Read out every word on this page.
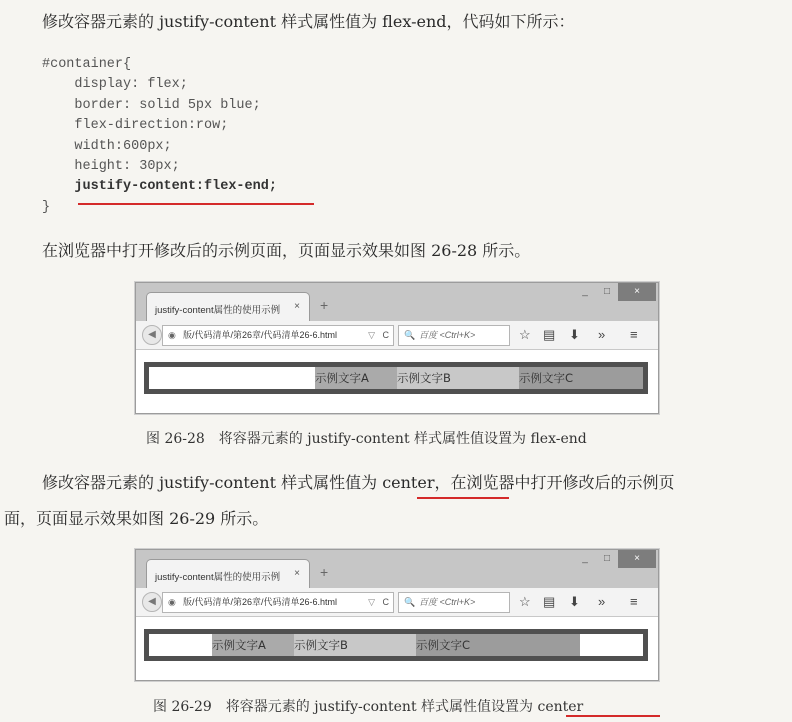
修改容器元素的 justify-content 样式属性值为 flex-end，代码如下所示：
#container{
display: flex;
border: solid 5px blue;
flex-direction:row;
width:600px;
height: 30px;
justify-content:flex-end;
}
在浏览器中打开修改后的示例页面，页面显示效果如图 26-28 所示。
justify-content属性的使用示例 × +
_	□	×
◀	◉ 版/代码清单/第26章/代码清单26-6.html	▽ C 🔍 百度 <Ctrl+K>	☆ ▤ ⬇ » ≡
示例文字A	示例文字B	示例文字C
图 26-28　将容器元素的 justify-content 样式属性值设置为 flex-end
修改容器元素的 justify-content 样式属性值为 center，在浏览器中打开修改后的示例页
面，页面显示效果如图 26-29 所示。
justify-content属性的使用示例 × +
_	□	×
◀	◉ 版/代码清单/第26章/代码清单26-6.html	▽ C 🔍 百度 <Ctrl+K>	☆ ▤ ⬇ » ≡
示例文字A	示例文字B	示例文字C
图 26-29　将容器元素的 justify-content 样式属性值设置为 center
